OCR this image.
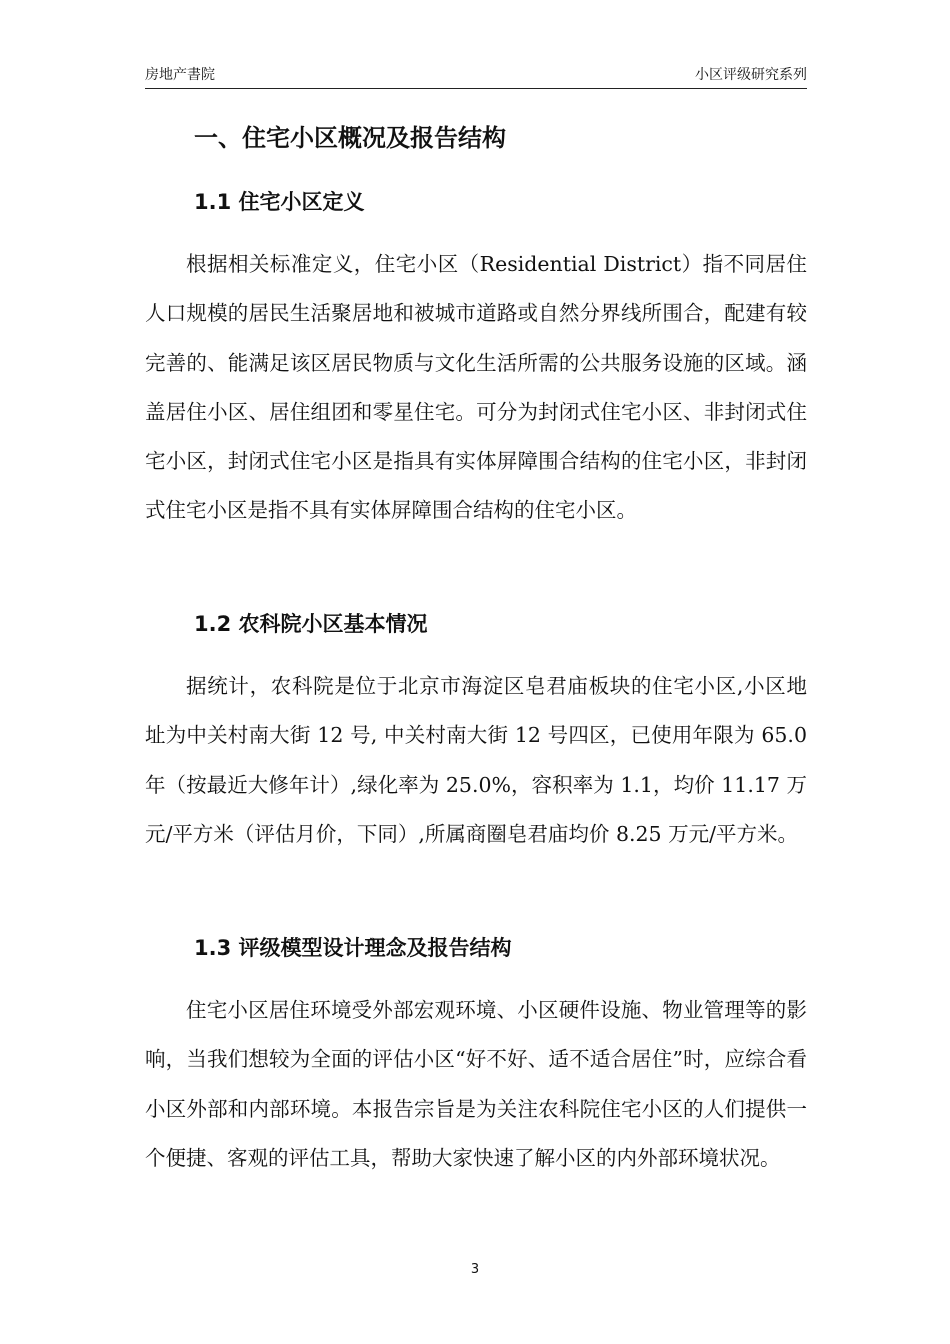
房地产書院	小区评级研究系列
一、住宅小区概况及报告结构
1.1 住宅小区定义

根据相关标准定义，住宅小区（Residential District）指不同居住人口规模的居民生活聚居地和被城市道路或自然分界线所围合，配建有较完善的、能满足该区居民物质与文化生活所需的公共服务设施的区域。涵盖居住小区、居住组团和零星住宅。可分为封闭式住宅小区、非封闭式住宅小区，封闭式住宅小区是指具有实体屏障围合结构的住宅小区，非封闭式住宅小区是指不具有实体屏障围合结构的住宅小区。

1.2 农科院小区基本情况

据统计，农科院是位于北京市海淀区皂君庙板块的住宅小区,小区地址为中关村南大街 12 号, 中关村南大街 12 号四区，已使用年限为 65.0 年（按最近大修年计）,绿化率为 25.0%，容积率为 1.1，均价 11.17 万元/平方米（评估月价，下同）,所属商圈皂君庙均价 8.25 万元/平方米。

1.3 评级模型设计理念及报告结构

住宅小区居住环境受外部宏观环境、小区硬件设施、物业管理等的影响，当我们想较为全面的评估小区“好不好、适不适合居住”时，应综合看小区外部和内部环境。本报告宗旨是为关注农科院住宅小区的人们提供一个便捷、客观的评估工具，帮助大家快速了解小区的内外部环境状况。

3
